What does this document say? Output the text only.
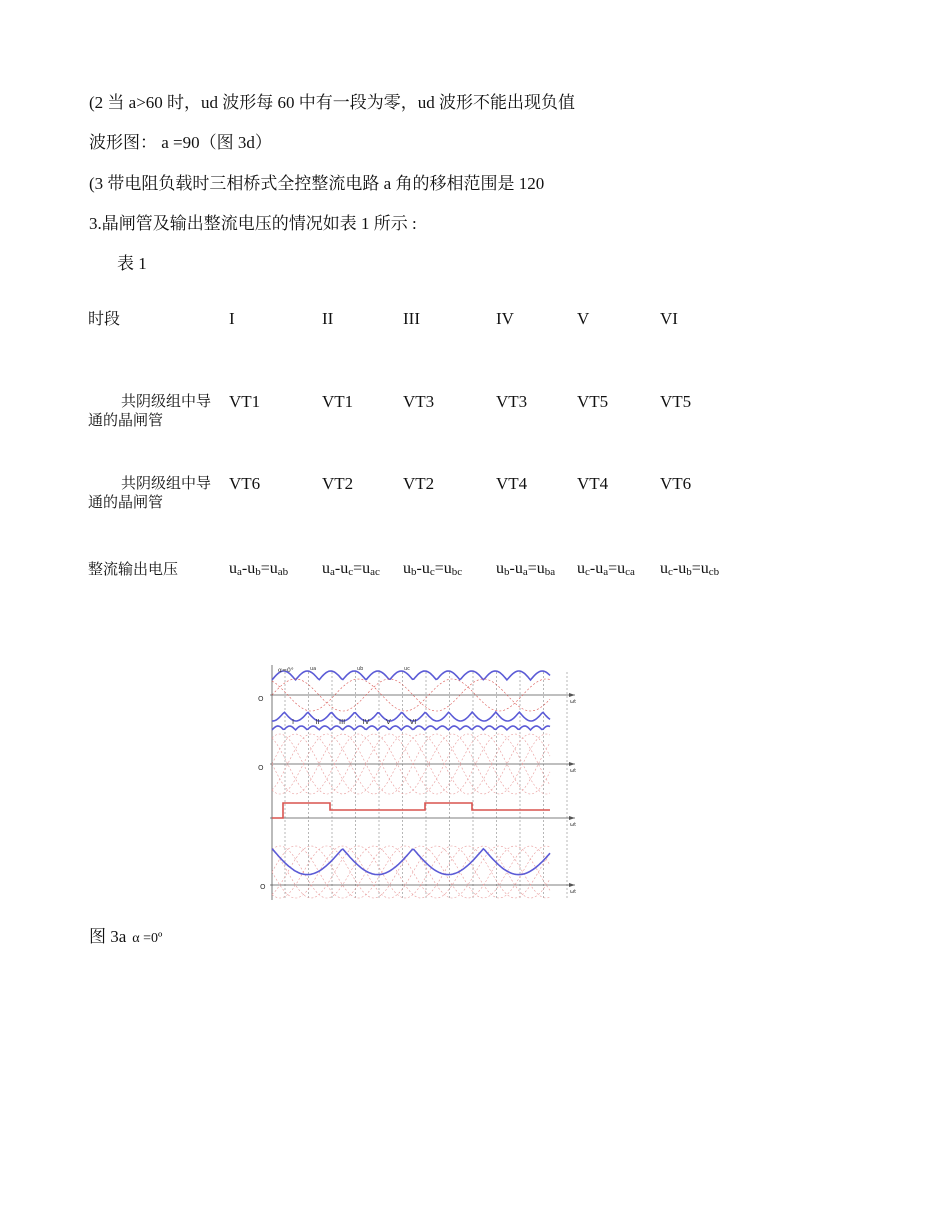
(2 当 a>60 时，ud 波形每 60 中有一段为零，ud 波形不能出现负值
波形图： a =90（图 3d）
(3 带电阻负载时三相桥式全控整流电路 a 角的移相范围是 120
3.晶闸管及输出整流电压的情况如表 1 所示 :
表 1
时段	I	II	III	IV	V	VI
共阴级组中导
通的晶闸管
VT1	VT1	VT3	VT3	VT5	VT5
共阴级组中导
通的晶闸管
VT6	VT2	VT2	VT4	VT4	VT6
整流输出电压	$u_a-u_b=u_{ab}$ $u_a-u_c=u_{ac}$ $u_b-u_c=u_{bc}$ $u_b-u_a=u_{ba}$ $u_c-u_a=u_{ca}$ $u_c-u_b=u_{cb}$
ωt
ωt
ωt
ωt
O
O
O
α=0°	ua	ub	uc
I	II	III IV V	VI
图 3a α =0º
